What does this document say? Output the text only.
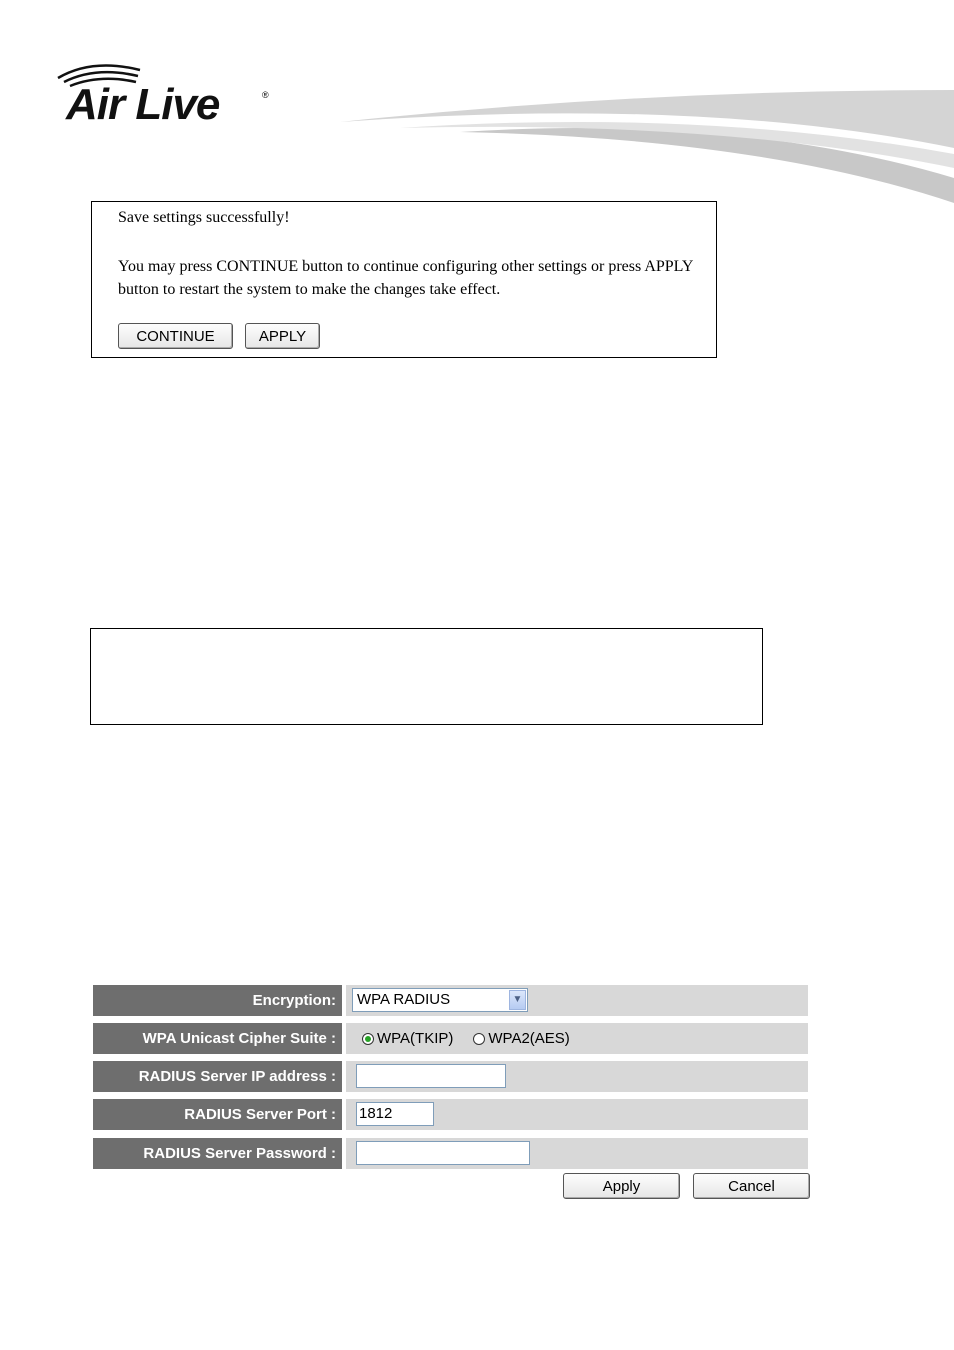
Air Live	®
Save settings successfully!
You may press CONTINUE button to continue configuring other settings or press APPLY button to restart the system to make the changes take effect.
CONTINUE	APPLY
Encryption:	WPA RADIUS	▼
WPA Unicast Cipher Suite :	WPA(TKIP) WPA2(AES)
RADIUS Server IP address :
RADIUS Server Port :	1812
RADIUS Server Password :
Apply	Cancel
